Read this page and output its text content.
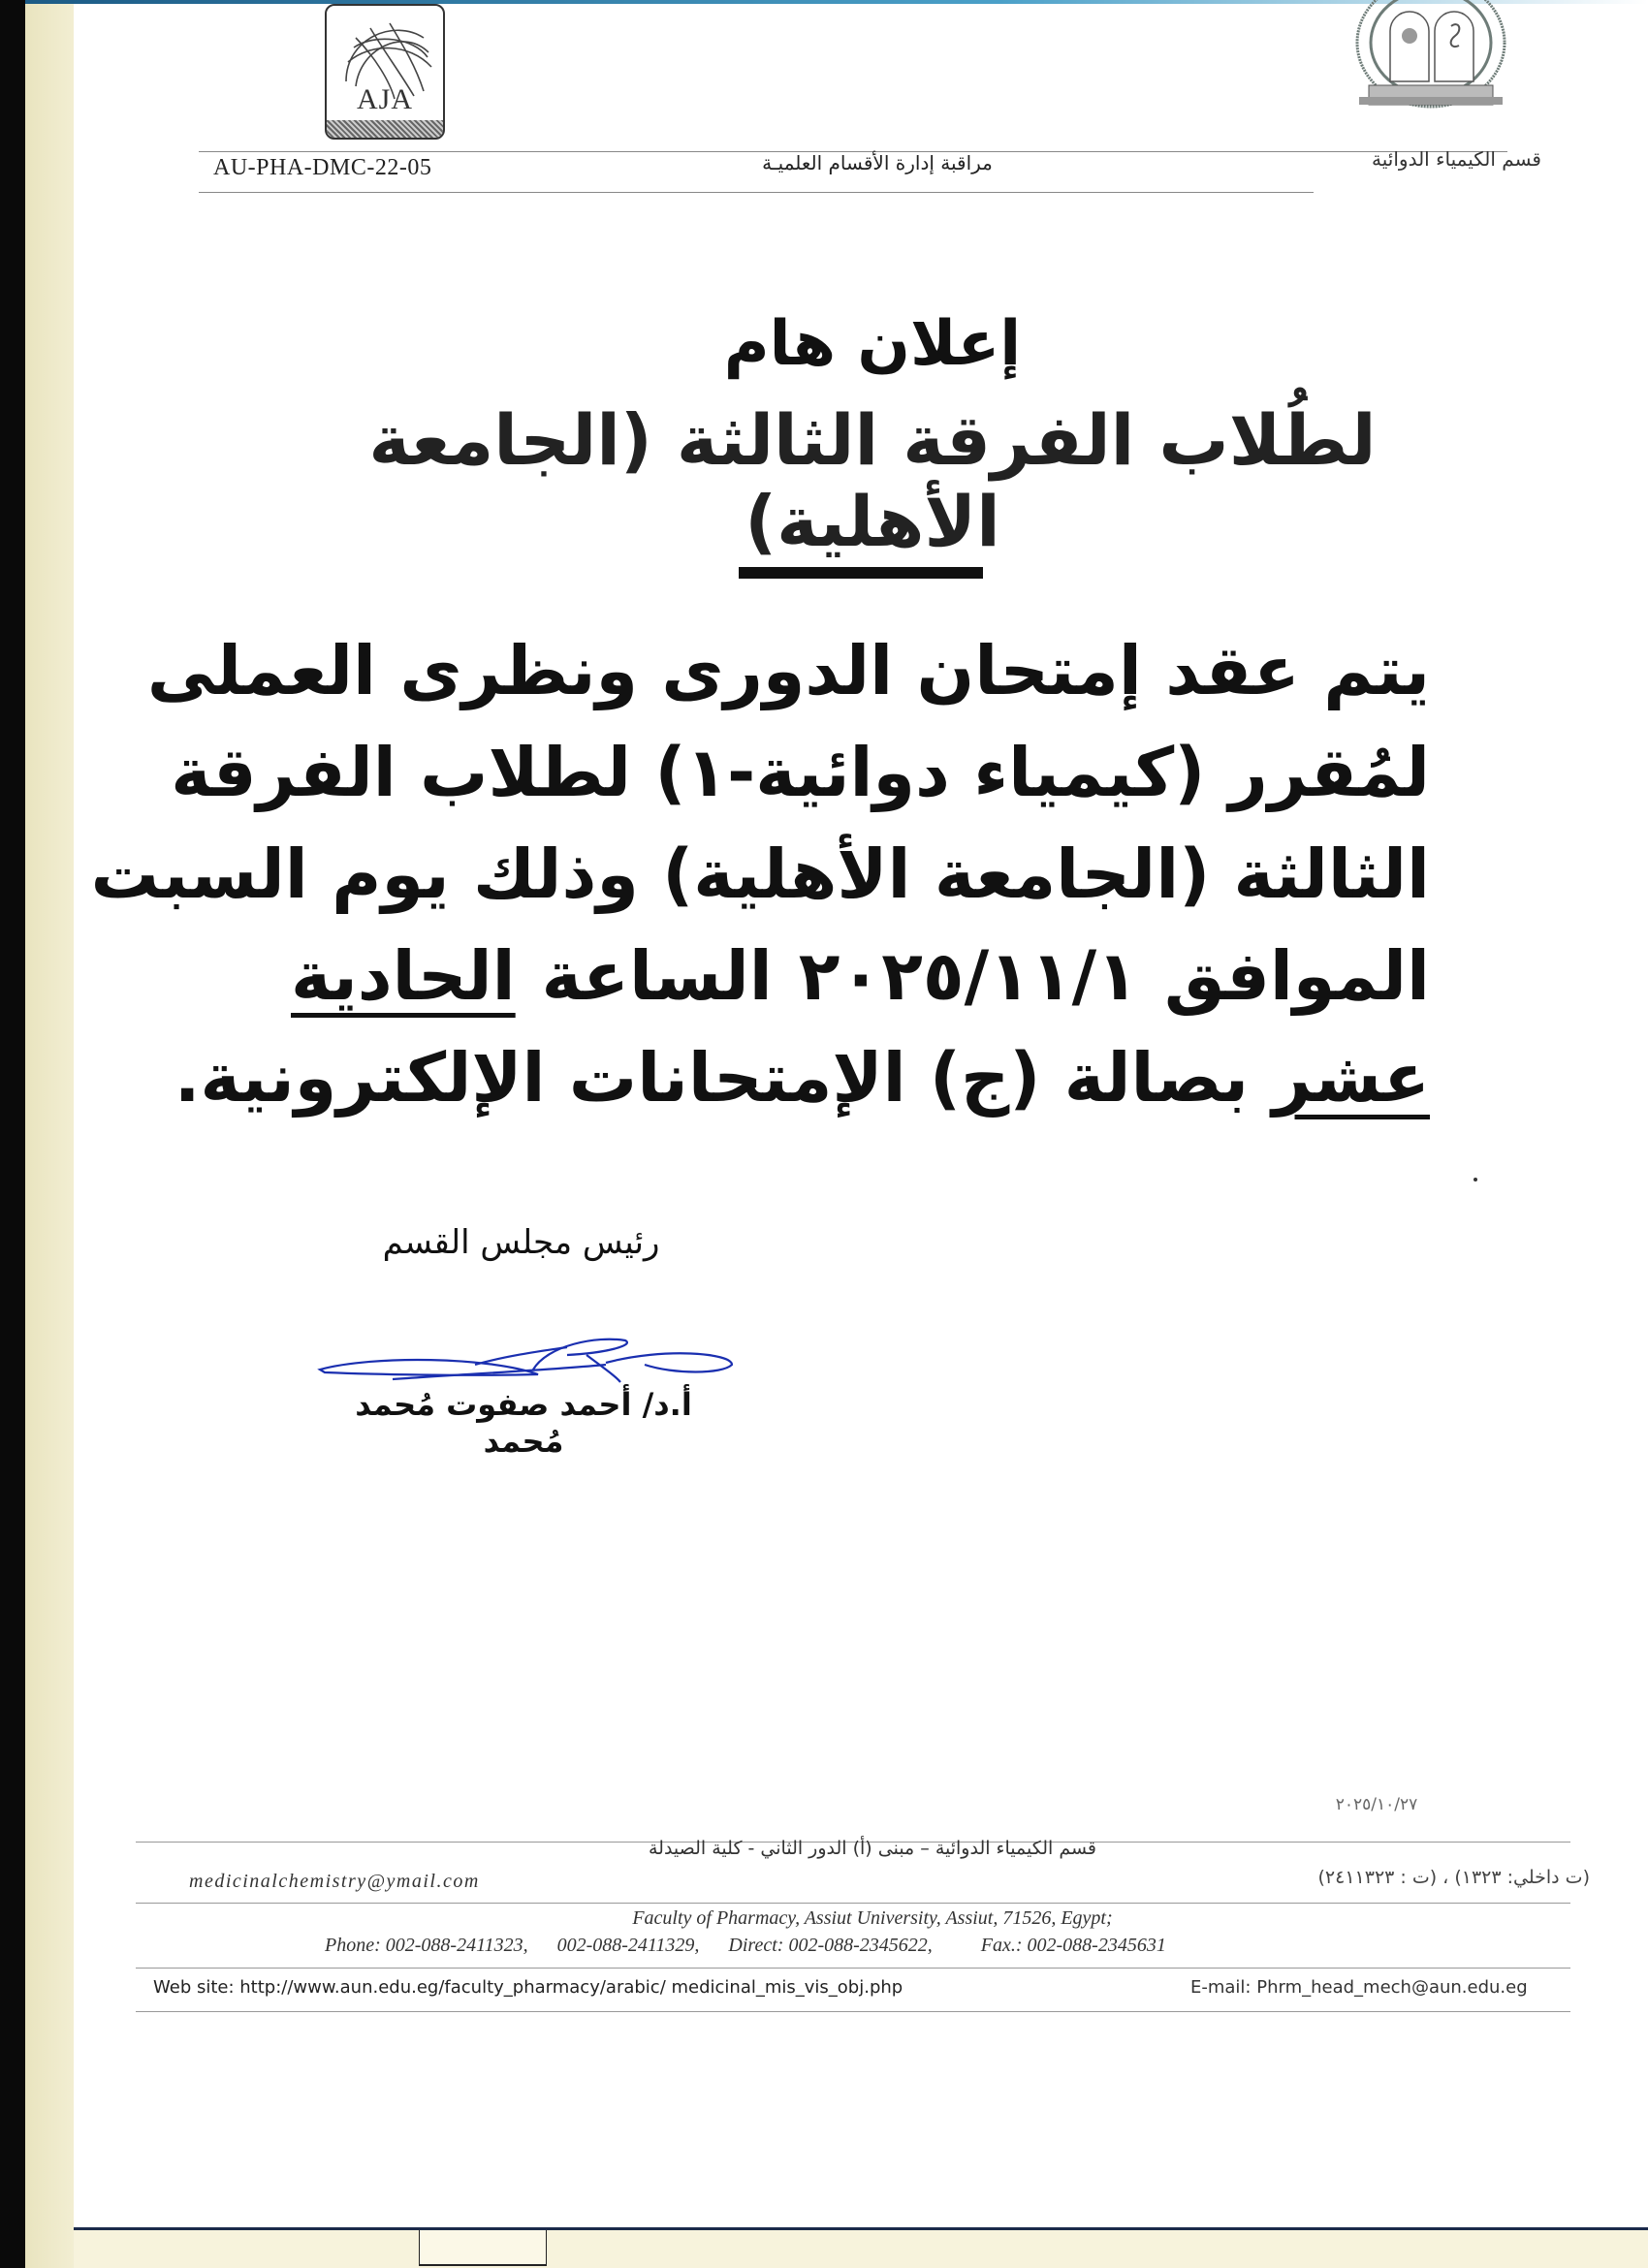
AJA
AU-PHA-DMC-22-05	مراقبة إدارة الأقسام العلميـة	قسم الكيمياء الدوائية
إعلان هام
لطُلاب الفرقة الثالثة (الجامعة الأهلية)
يتم عقد إمتحان الدورى ونظرى العملى
لمُقرر (كيمياء دوائية-١) لطلاب الفرقة
الثالثة (الجامعة الأهلية) وذلك يوم السبت
الموافق ٢٠٢٥/١١/١ الساعة الحادية
عشر بصالة (ج) الإمتحانات الإلكترونية.
رئيس مجلس القسم
أ.د/ أحمد صفوت مُحمد مُحمد
٢٠٢٥/١٠/٢٧
قسم الكيمياء الدوائية – مبنى (أ) الدور الثاني - كلية الصيدلة
medicinalchemistry@ymail.com	(ت داخلي: ١٣٢٣) ، (ت : ٢٤١١٣٢٣)
Faculty of Pharmacy, Assiut University, Assiut, 71526, Egypt;
Phone: 002-088-2411323,      002-088-2411329,      Direct: 002-088-2345622,          Fax.: 002-088-2345631
Web site: http://www.aun.edu.eg/faculty_pharmacy/arabic/ medicinal_mis_vis_obj.php	E-mail: Phrm_head_mech@aun.edu.eg
